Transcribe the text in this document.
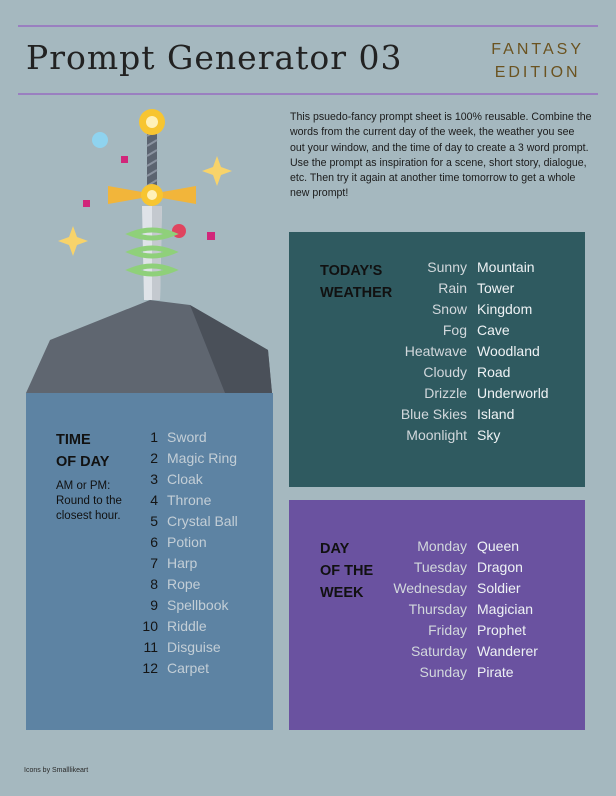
Prompt Generator 03	FANTASY
EDITION
This psuedo-fancy prompt sheet is 100% reusable. Combine the words from the current day of the week, the weather you see out your window, and the time of day to create a 3 word prompt. Use the prompt as inspiration for a scene, short story, dialogue, etc. Then try it again at another time tomorrow to get a whole new prompt!
TODAY'S
WEATHER
Sunny Mountain
Rain Tower
Snow Kingdom
Fog Cave
Heatwave Woodland
Cloudy Road
Drizzle Underworld
Blue Skies Island
Moonlight Sky
DAY
OF THE
WEEK
Monday Queen
Tuesday Dragon
Wednesday Soldier
Thursday Magician
Friday Prophet
Saturday Wanderer
Sunday Pirate
TIME
OF DAY
AM or PM: Round to the closest hour.
1 Sword
2 Magic Ring
3 Cloak
4 Throne
5 Crystal Ball
6 Potion
7 Harp
8 Rope
9 Spellbook
10 Riddle
11 Disguise
12 Carpet
Icons by Smalllikeart
